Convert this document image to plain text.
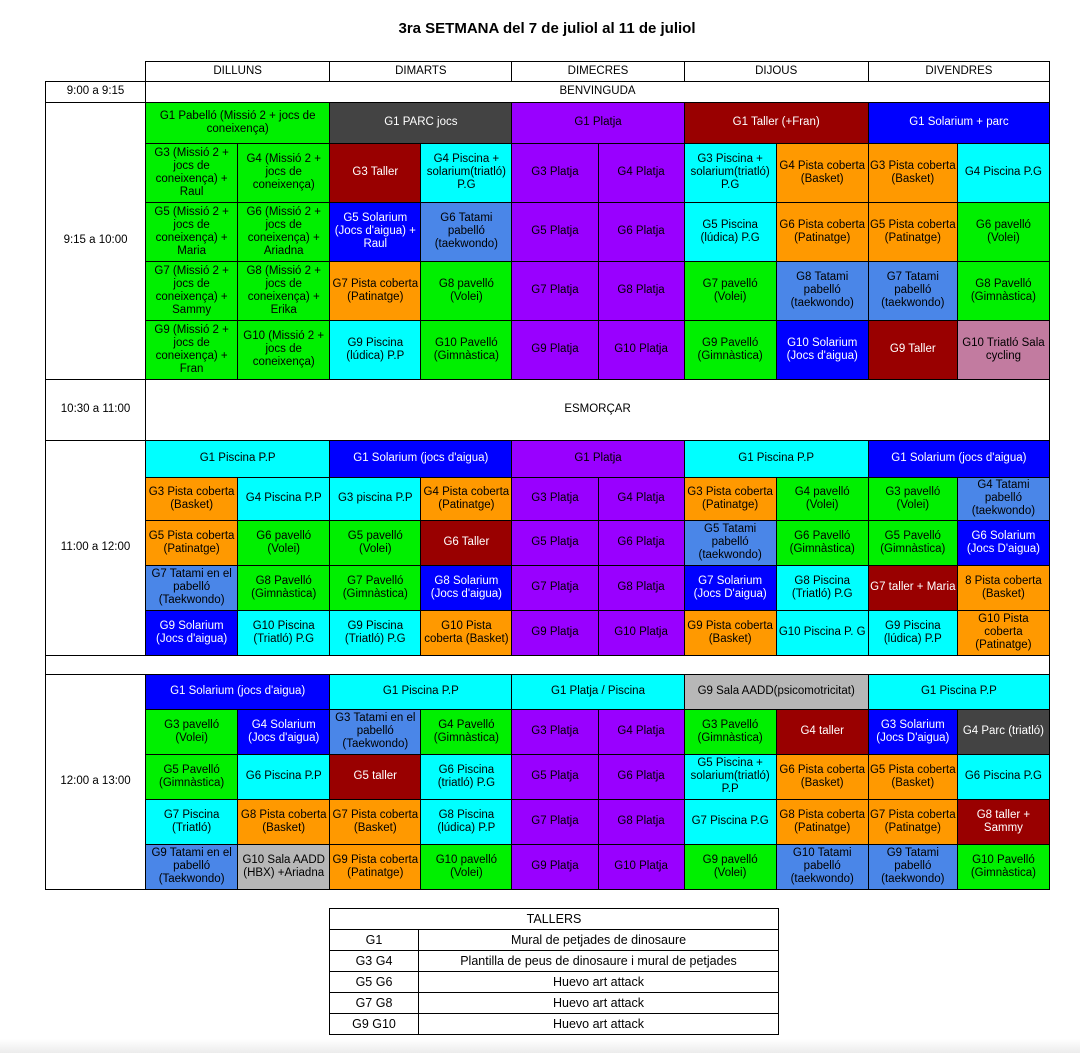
3ra SETMANA del 7 de juliol al 11 de juliol
	DILLUNS		DIMARTS		DIMECRES		DIJOUS		DIVENDRES	
9:00 a 9:15	BENVINGUDA									
9:15 a 10:00	G1 Pabelló (Missió 2 + jocs de coneixença)		G1 PARC jocs		G1 Platja		G1 Taller (+Fran)		G1 Solarium + parc	
	G3 (Missió 2 + jocs de coneixença) + Raul	G4 (Missió 2 + jocs de coneixença)	G3 Taller	G4 Piscina + solarium(triatló) P.G	G3 Platja	G4 Platja	G3 Piscina + solarium(triatló) P.G	G4 Pista coberta (Basket)	G3 Pista coberta (Basket)	G4 Piscina P.G
	G5 (Missió 2 + jocs de coneixença) + Maria	G6 (Missió 2 + jocs de coneixença) + Ariadna	G5 Solarium (Jocs d'aigua) + Raul	G6 Tatami pabelló (taekwondo)	G5 Platja	G6 Platja	G5 Piscina (lúdica) P.G	G6 Pista coberta (Patinatge)	G5 Pista coberta (Patinatge)	G6 pavelló (Volei)
	G7 (Missió 2 + jocs de coneixença) + Sammy	G8 (Missió 2 + jocs de coneixença) + Erika	G7 Pista coberta (Patinatge)	G8 pavelló (Volei)	G7 Platja	G8 Platja	G7 pavelló (Volei)	G8 Tatami pabelló (taekwondo)	G7 Tatami pabelló (taekwondo)	G8 Pavelló (Gimnàstica)
	G9 (Missió 2 + jocs de coneixença) + Fran	G10 (Missió 2 + jocs de coneixença)	G9 Piscina (lúdica) P.P	G10 Pavelló (Gimnàstica)	G9 Platja	G10 Platja	G9 Pavelló (Gimnàstica)	G10 Solarium (Jocs d'aigua)	G9 Taller	G10 Triatló Sala cycling
10:30 a 11:00	ESMORÇAR									
11:00 a 12:00	G1 Piscina P.P		G1 Solarium (jocs d'aigua)		G1 Platja		G1 Piscina P.P		G1 Solarium (jocs d'aigua)	
	G3 Pista coberta (Basket)	G4 Piscina P.P	G3 piscina P.P	G4 Pista coberta (Patinatge)	G3 Platja	G4 Platja	G3 Pista coberta (Patinatge)	G4 pavelló (Volei)	G3 pavelló (Volei)	G4 Tatami pabelló (taekwondo)
	G5 Pista coberta (Patinatge)	G6 pavelló (Volei)	G5 pavelló (Volei)	G6 Taller	G5 Platja	G6 Platja	G5 Tatami pabelló (taekwondo)	G6 Pavelló (Gimnàstica)	G5 Pavelló (Gimnàstica)	G6 Solarium (Jocs D'aigua)
	G7 Tatami en el pabelló (Taekwondo)	G8 Pavelló (Gimnàstica)	G7 Pavelló (Gimnàstica)	G8 Solarium (Jocs d'aigua)	G7 Platja	G8 Platja	G7 Solarium (Jocs D'aigua)	G8 Piscina (Triatló) P.G	G7 taller + Maria	8 Pista coberta (Basket)
	G9 Solarium (Jocs d'aigua)	G10 Piscina (Triatló) P.G	G9 Piscina (Triatló) P.G	G10 Pista coberta (Basket)	G9 Platja	G10 Platja	G9 Pista coberta (Basket)	G10 Piscina P. G	G9 Piscina (lúdica) P.P	G10 Pista coberta (Patinatge)

12:00 a 13:00	G1 Solarium (jocs d'aigua)		G1 Piscina P.P		G1 Platja / Piscina		G9 Sala AADD(psicomotricitat)		G1 Piscina P.P	
	G3 pavelló (Volei)	G4 Solarium (Jocs d'aigua)	G3 Tatami en el pabelló (Taekwondo)	G4 Pavelló (Gimnàstica)	G3 Platja	G4 Platja	G3 Pavelló (Gimnàstica)	G4 taller	G3 Solarium (Jocs D'aigua)	G4 Parc (triatló)
	G5 Pavelló (Gimnàstica)	G6 Piscina P.P	G5 taller	G6 Piscina (triatló) P.G	G5 Platja	G6 Platja	G5 Piscina + solarium(triatló) P.P	G6 Pista coberta (Basket)	G5 Pista coberta (Basket)	G6 Piscina P.G
	G7 Piscina (Triatló)	G8 Pista coberta (Basket)	G7 Pista coberta (Basket)	G8 Piscina (lúdica) P.P	G7 Platja	G8 Platja	G7 Piscina P.G	G8 Pista coberta (Patinatge)	G7 Pista coberta (Patinatge)	G8 taller + Sammy
	G9 Tatami en el pabelló (Taekwondo)	G10 Sala AADD (HBX) +Ariadna	G9 Pista coberta (Patinatge)	G10 pavelló (Volei)	G9 Platja	G10 Platja	G9 pavelló (Volei)	G10 Tatami pabelló (taekwondo)	G9 Tatami pabelló (taekwondo)	G10 Pavelló (Gimnàstica)
TALLERS	
G1	Mural de petjades de dinosaure
G3 G4	Plantilla de peus de dinosaure i mural de petjades
G5 G6	Huevo art attack
G7 G8	Huevo art attack
G9 G10	Huevo art attack
